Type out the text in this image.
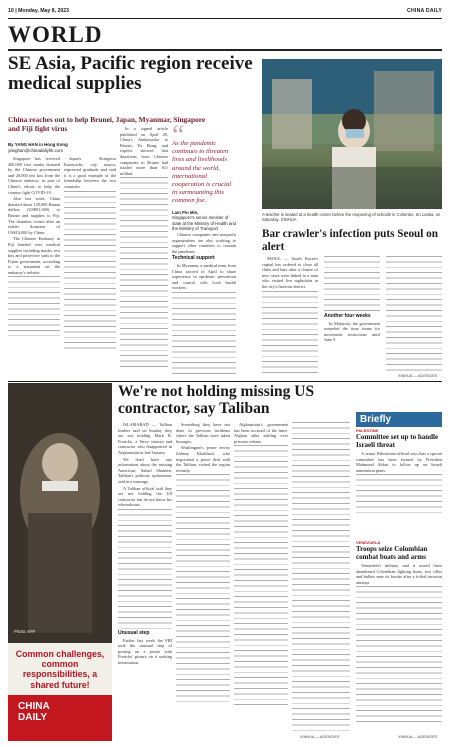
10 | Monday, May 8, 2023	CHINA DAILY
WORLD
SE Asia, Pacific region receive medical supplies
China reaches out to help Brunei, Japan, Myanmar, Singapore and Fiji fight virus
By YANG HAN in Hong Kong
yanghan@chinadailyhk.com

Singapore has received 400,000 face masks donated by the Chinese government and 20,000 test kits from the Chinese embassy, as part of China's efforts to help the country fight COVID-19.

Also last week, China donated about 129,000 Hunan dollars (US$91,000) to Brunei and supplies to Fiji. The donation comes after an earlier donation of US$10,000 by China.

The Chinese Embassy in Fiji handed over medical supplies including masks, test kits and protective suits to the Fijian government, according to a statement on the embassy's website.

Japan's Shingetsu Kazuyoshi, city mayor, expressed gratitude and said it is a good example of the friendship between the two countries.

In a signed article published on April 29, China's Ambassador to Brunei, Yu Hong, and experts showed that donations from Chinese companies to Brunei had totaled more than 611 million.

“
As the pandemic continues to threaten lives and livelihoods around the world, international cooperation is crucial in surmounting this common foe.
Lam Pin Min,
Singapore's senior minister of state at the Ministry of Health and the Ministry of Transport

Chinese companies and nonprofit organizations are also working to support other countries to contain the pandemic.

Technical support

In Myanmar, a medical team from China arrived in April to share experience in epidemic prevention and control with local health workers.

A teacher is seated at a health center before the reopening of schools in Colombo, Sri Lanka, on Saturday. XINHUA
Bar crawler's infection puts Seoul on alert

SEOUL — South Korea's capital has ordered to close all clubs and bars after a cluster of new cases were linked to a man who visited five nightclubs in the city's Itaewon district.

Another four weeks

In Malaysia, the government extended the time frame for movement restrictions until June 9.

XINHUA — AGENCIES
Photo: AFP
Common challenges, common responsibilities, a shared future!
CHINA DAILY
We're not holding missing US contractor, say Taliban

ISLAMABAD — Taliban leaders said on Sunday they are not holding Mark R. Frerichs, a Navy veteran and contractor who disappeared in Afghanistan in late January.

We don't have any information about the missing American, Suhail Shaheen, Taliban's political spokesman, said in a message.

A Taliban official said they are not holding the US contractor but do not know his whereabouts.

Unusual step

Earlier last week the FBI took the unusual step of posting on a poster with Frerichs' picture on it seeking information.

Something they have not done in previous incidents where the Taliban have taken hostages.

Washington's peace envoy Zalmay Khalilzad, who negotiated a peace deal with the Taliban, visited the region recently.

Afghanistan's government has been accused of the intra-Afghan talks stalling over prisoner release.

XINHUA — AGENCIES
Briefly
PALESTINE
Committee set up to handle Israeli threat

A senior Palestinian official says that a special committee has been formed by President Mahmoud Abbas to follow up on Israeli annexation plans.

VENEZUELA
Troops seize Colombian combat boats and arms

Venezuela's military said it seized three abandoned Colombian fighting boats, two rifles and bullets near its border after a foiled invasion attempt.

XINHUA — AGENCIES
